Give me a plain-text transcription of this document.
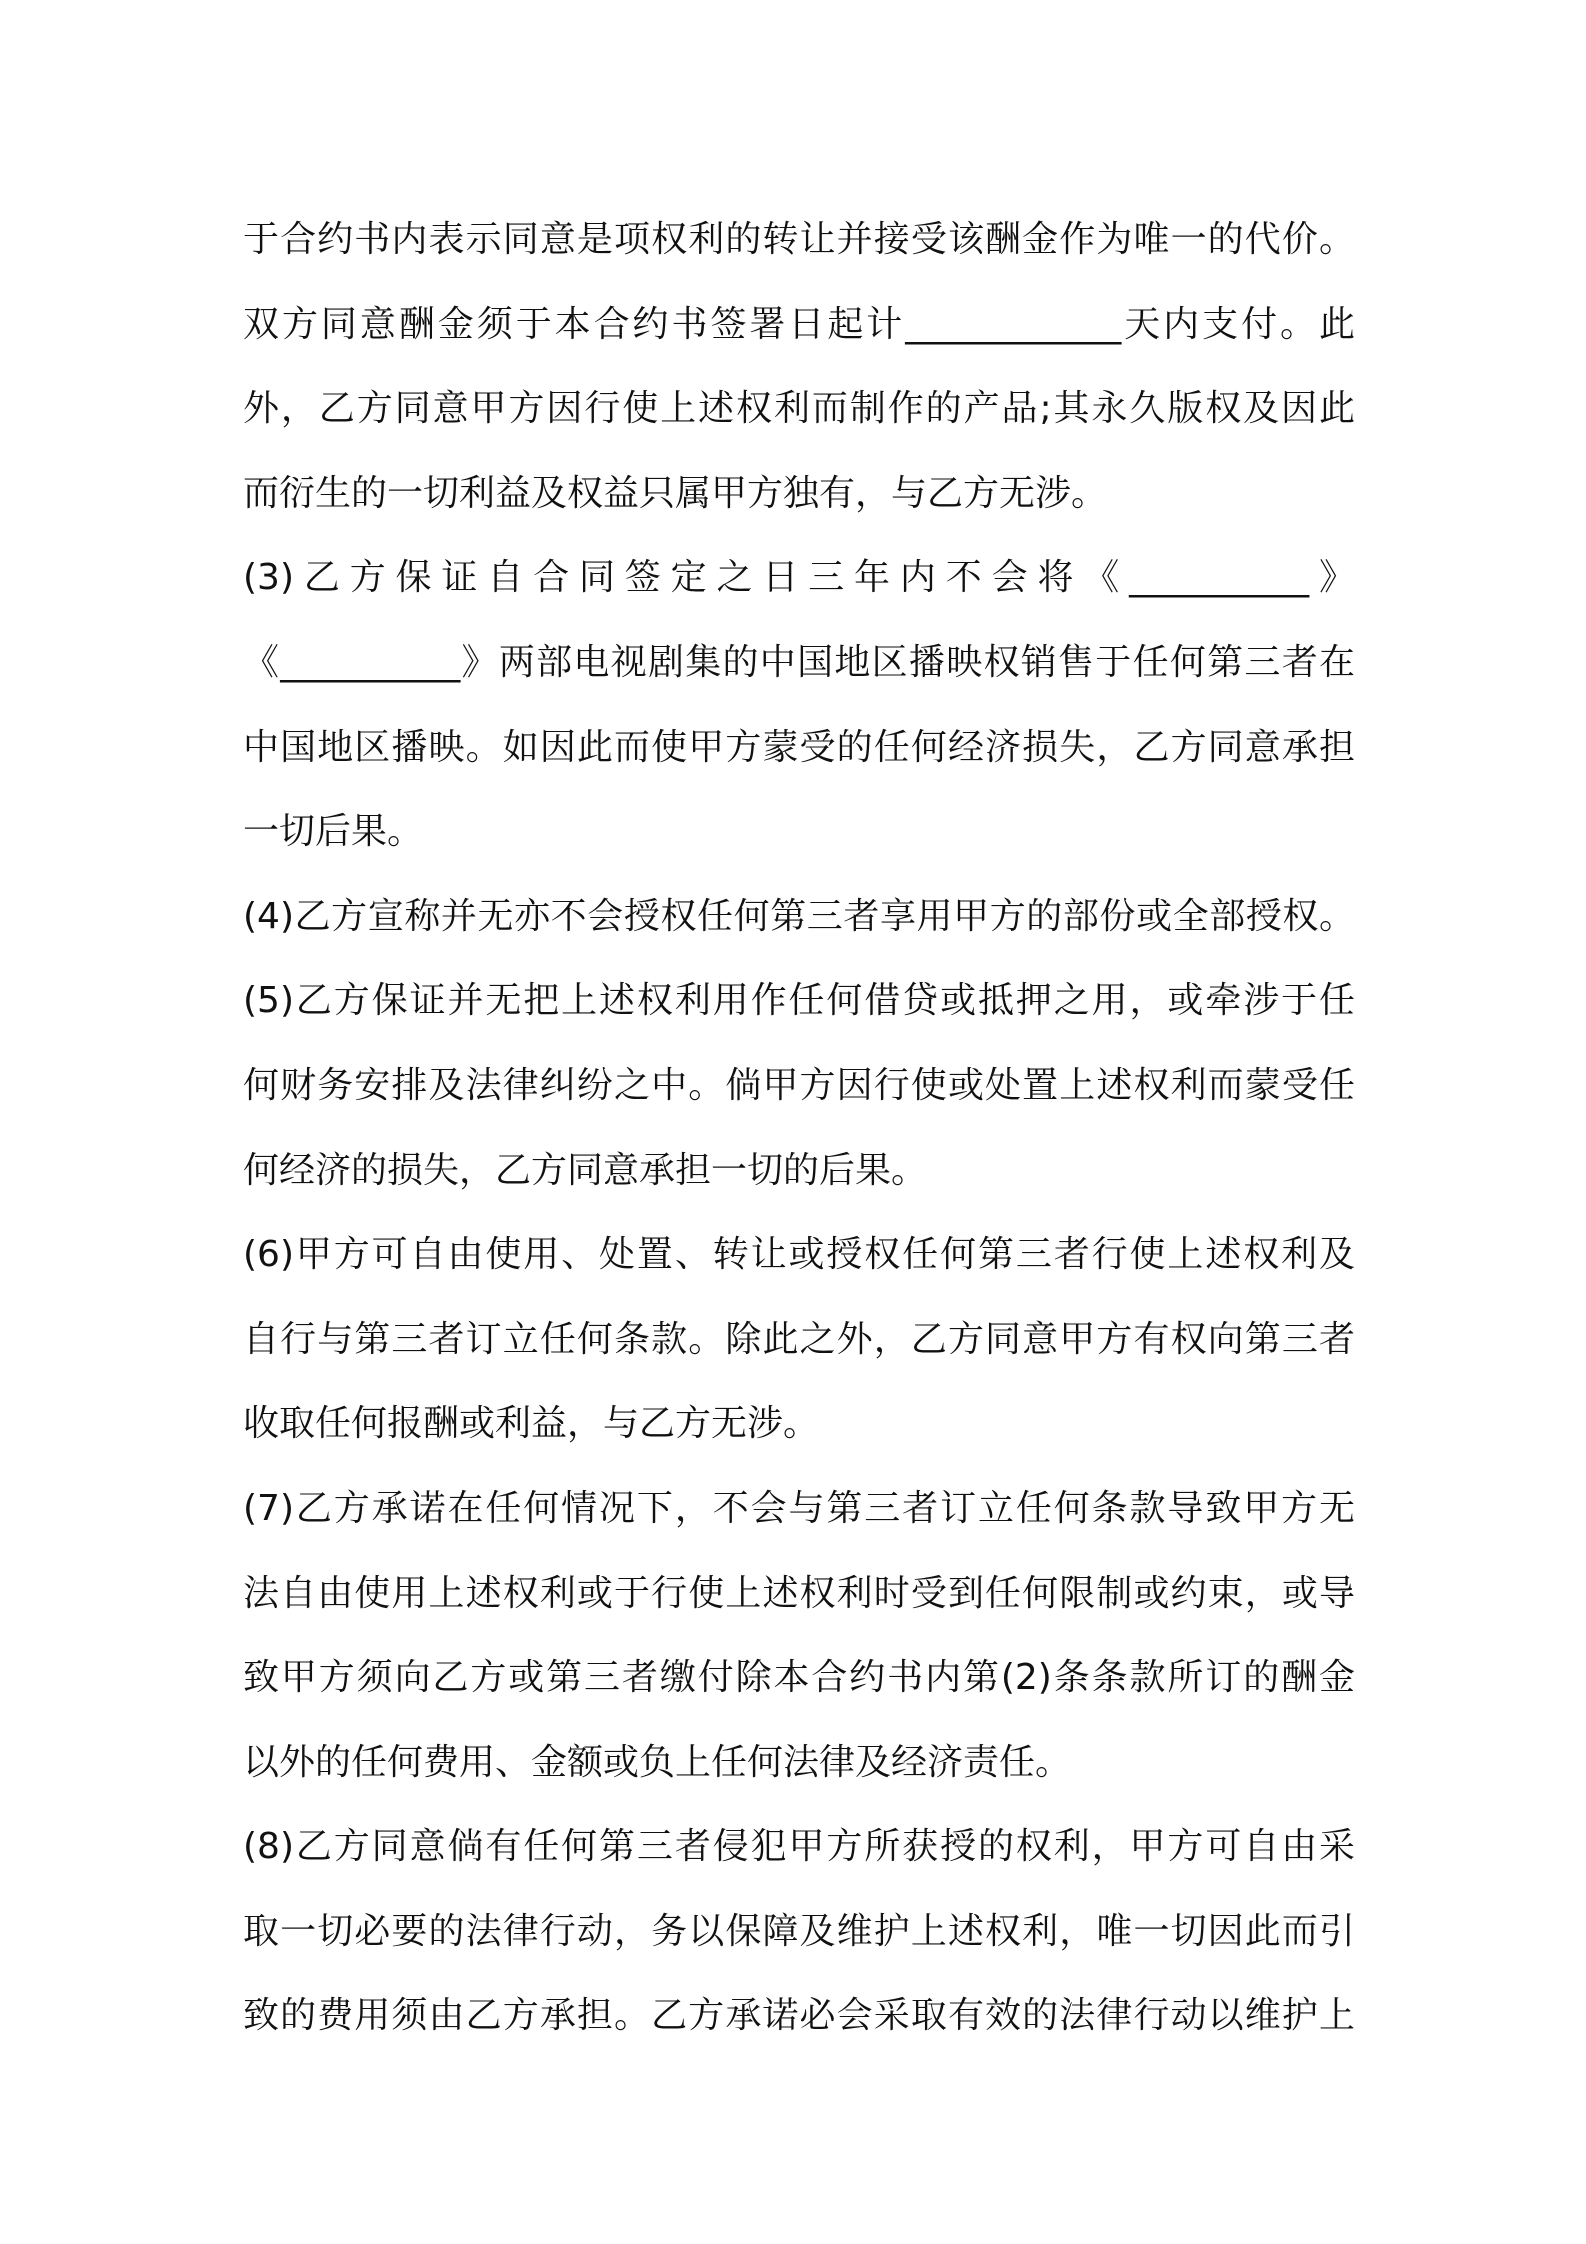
于合约书内表示同意是项权利的转让并接受该酬金作为唯一的代价。
双方同意酬金须于本合约书签署日起计____________天内支付。此
外，乙方同意甲方因行使上述权利而制作的产品;其永久版权及因此
而衍生的一切利益及权益只属甲方独有，与乙方无涉。
(3)乙方保证自合同签定之日三年内不会将《__________》
《__________》两部电视剧集的中国地区播映权销售于任何第三者在
中国地区播映。如因此而使甲方蒙受的任何经济损失，乙方同意承担
一切后果。
(4)乙方宣称并无亦不会授权任何第三者享用甲方的部份或全部授权。
(5)乙方保证并无把上述权利用作任何借贷或抵押之用，或牵涉于任
何财务安排及法律纠纷之中。倘甲方因行使或处置上述权利而蒙受任
何经济的损失，乙方同意承担一切的后果。
(6)甲方可自由使用、处置、转让或授权任何第三者行使上述权利及
自行与第三者订立任何条款。除此之外，乙方同意甲方有权向第三者
收取任何报酬或利益，与乙方无涉。
(7)乙方承诺在任何情况下，不会与第三者订立任何条款导致甲方无
法自由使用上述权利或于行使上述权利时受到任何限制或约束，或导
致甲方须向乙方或第三者缴付除本合约书内第(2)条条款所订的酬金
以外的任何费用、金额或负上任何法律及经济责任。
(8)乙方同意倘有任何第三者侵犯甲方所获授的权利，甲方可自由采
取一切必要的法律行动，务以保障及维护上述权利，唯一切因此而引
致的费用须由乙方承担。乙方承诺必会采取有效的法律行动以维护上
